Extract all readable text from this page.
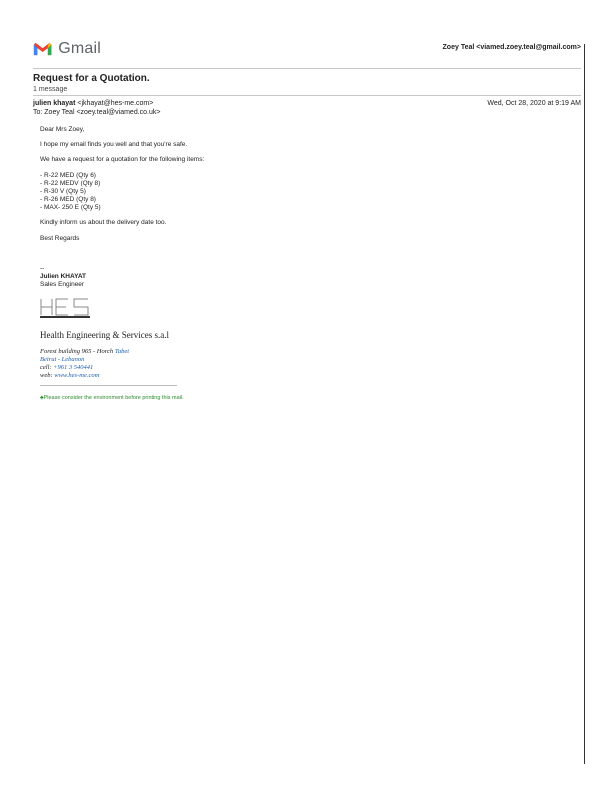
Gmail	Zoey Teal <viamed.zoey.teal@gmail.com>
Request for a Quotation.
1 message
julien khayat <jkhayat@hes-me.com>	Wed, Oct 28, 2020 at 9:19 AM
To: Zoey Teal <zoey.teal@viamed.co.uk>
Dear Mrs Zoey,
I hope my email finds you well and that you're safe.
We have a request for a quotation for the following items:
- R-22 MED (Qty 6)
- R-22 MEDV (Qty 8)
- R-30 V (Qty 5)
- R-26 MED (Qty 8)
- MAX- 250 E (Qty 5)
Kindly inform us about the delivery date too.
Best Regards
--
Julien KHAYAT
Sales Engineer
Health Engineering & Services s.a.l
Forest building 965 - Horch Tabet
Beirut - Lebanon
cell: +961 3 540441
web: www.hes-me.com
♣Please consider the environment before printing this mail.
